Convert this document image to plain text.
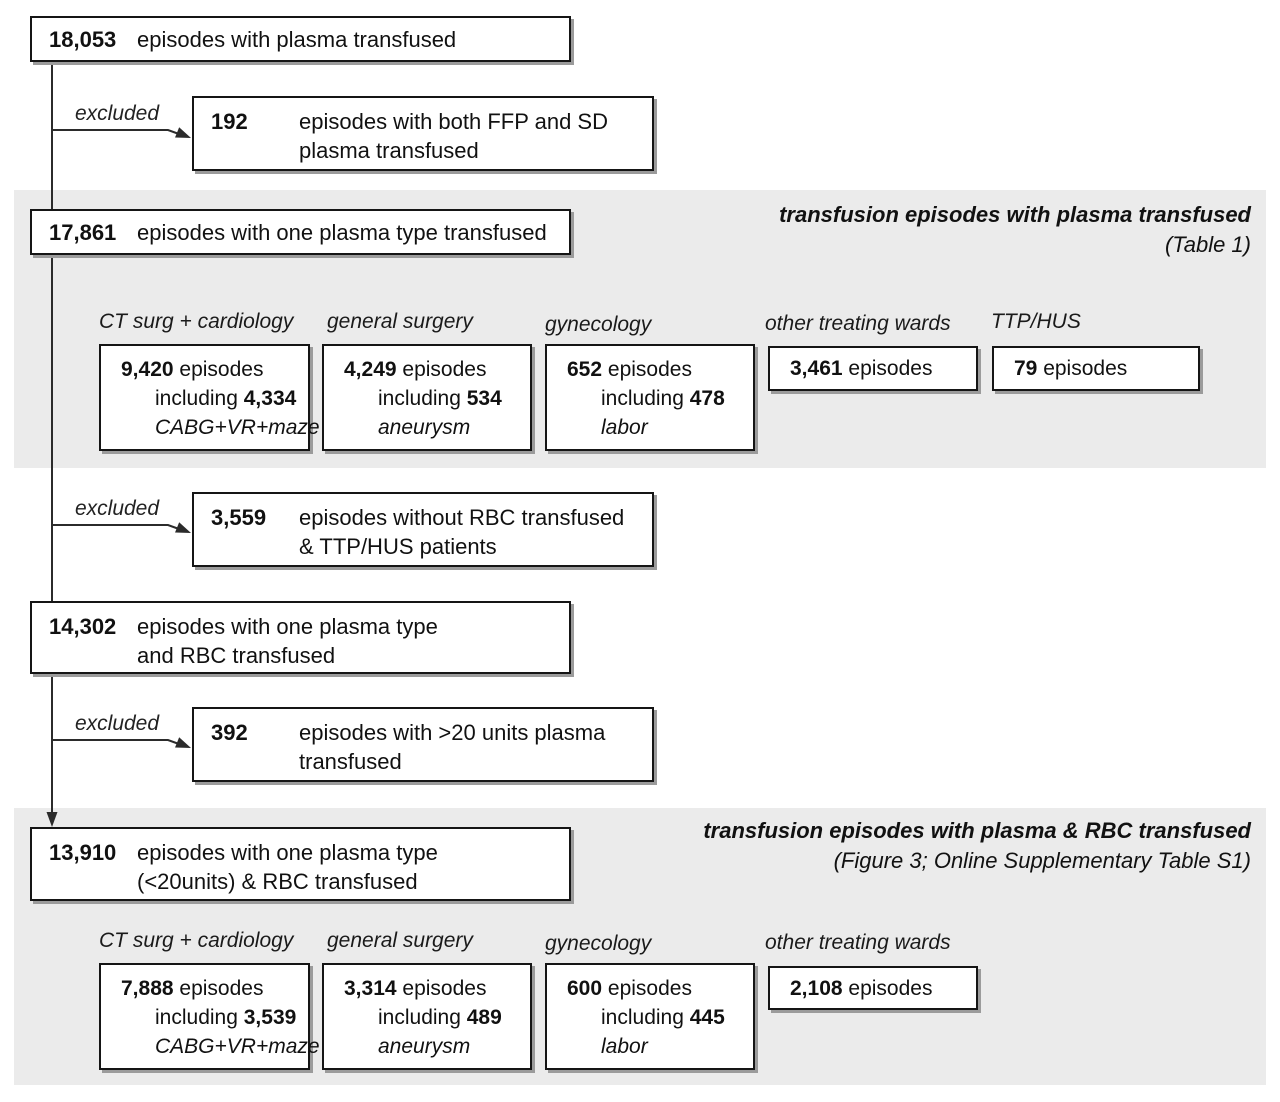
excluded
excluded
excluded
18,053 episodes with plasma transfused
192	episodes with both FFP and SD
plasma transfused
17,861 episodes with one plasma type transfused
3,559	episodes without RBC transfused
& TTP/HUS patients
14,302 episodes with one plasma type
and RBC transfused
392	episodes with >20 units plasma
transfused
13,910 episodes with one plasma type
(<20units) & RBC transfused
transfusion episodes with plasma transfused
(Table 1)
transfusion episodes with plasma & RBC transfused
(Figure 3; Online Supplementary Table S1)
CT surg + cardiology general surgery	gynecology	other treating wards TTP/HUS
9,420 episodes
including 4,334
CABG+VR+maze
4,249 episodes
including 534
aneurysm
652 episodes
including 478
labor
3,461 episodes	79 episodes
CT surg + cardiology general surgery	gynecology	other treating wards
7,888 episodes
including 3,539
CABG+VR+maze
3,314 episodes
including 489
aneurysm
600 episodes
including 445
labor
2,108 episodes
